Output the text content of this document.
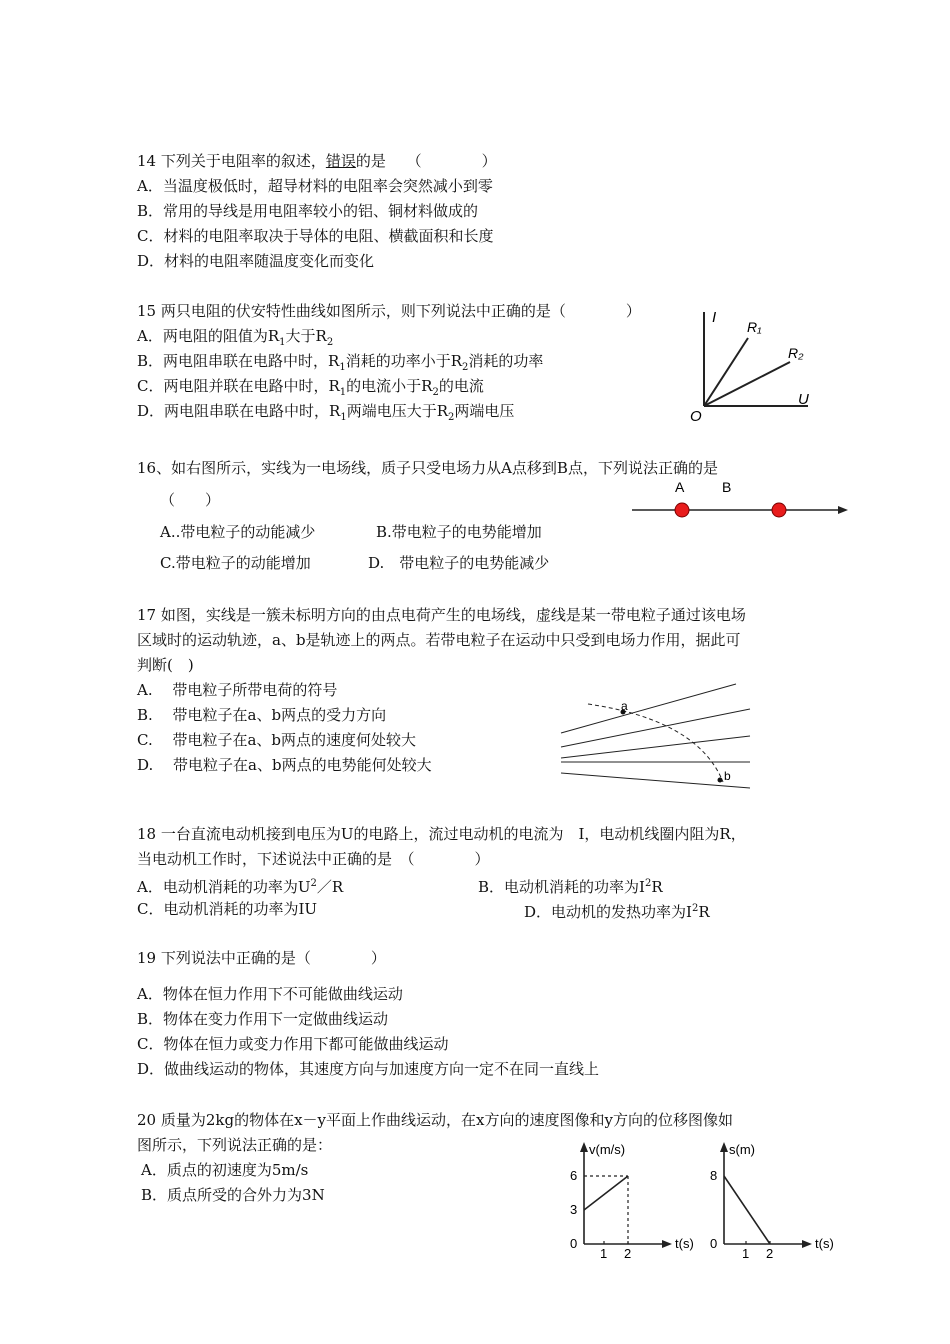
14 下列关于电阻率的叙述，错误的是 （　　　　）
A．当温度极低时，超导材料的电阻率会突然减小到零
B．常用的导线是用电阻率较小的铝、铜材料做成的
C．材料的电阻率取决于导体的电阻、横截面积和长度
D．材料的电阻率随温度变化而变化
15 两只电阻的伏安特性曲线如图所示，则下列说法中正确的是（　　　　）
A．两电阻的阻值为$R_1$大于$R_2$
B．两电阻串联在电路中时，$R_1$消耗的功率小于$R_2$消耗的功率
C．两电阻并联在电路中时，$R_1$的电流小于$R_2$的电流
D．两电阻串联在电路中时，$R_1$两端电压大于$R_2$两端电压
I
U
O
R₁
R₂
16、如右图所示，实线为一电场线，质子只受电场力从A点移到B点，下列说法正确的是
（　　）
A..带电粒子的动能减少	B.带电粒子的电势能增加
C.带电粒子的动能增加	D.　带电粒子的电势能减少
A	B
17 如图，实线是一簇未标明方向的由点电荷产生的电场线，虚线是某一带电粒子通过该电场
区域时的运动轨迹，a、b是轨迹上的两点。若带电粒子在运动中只受到电场力作用，据此可
判断(　)
A.　 带电粒子所带电荷的符号
B.　 带电粒子在a、b两点的受力方向
C.　 带电粒子在a、b两点的速度何处较大
D.　 带电粒子在a、b两点的电势能何处较大
a
b
18 一台直流电动机接到电压为U的电路上，流过电动机的电流为　I，电动机线圈内阻为R，
当电动机工作时，下述说法中正确的是　（　　　　）
A．电动机消耗的功率为$U^2/R$	B．电动机消耗的功率为$I^2R$
C．电动机消耗的功率为IU	D．电动机的发热功率为$I^2R$
19 下列说法中正确的是（　　　　）
A．物体在恒力作用下不可能做曲线运动
B．物体在变力作用下一定做曲线运动
C．物体在恒力或变力作用下都可能做曲线运动
D．做曲线运动的物体，其速度方向与加速度方向一定不在同一直线上
20 质量为2kg的物体在x－y平面上作曲线运动，在x方向的速度图像和y方向的位移图像如
图所示，下列说法正确的是：
A．质点的初速度为5m/s
B．质点所受的合外力为3N
v(m/s)
t(s)
0
6
3
1 2
s(m)
t(s)
0
8
1 2
